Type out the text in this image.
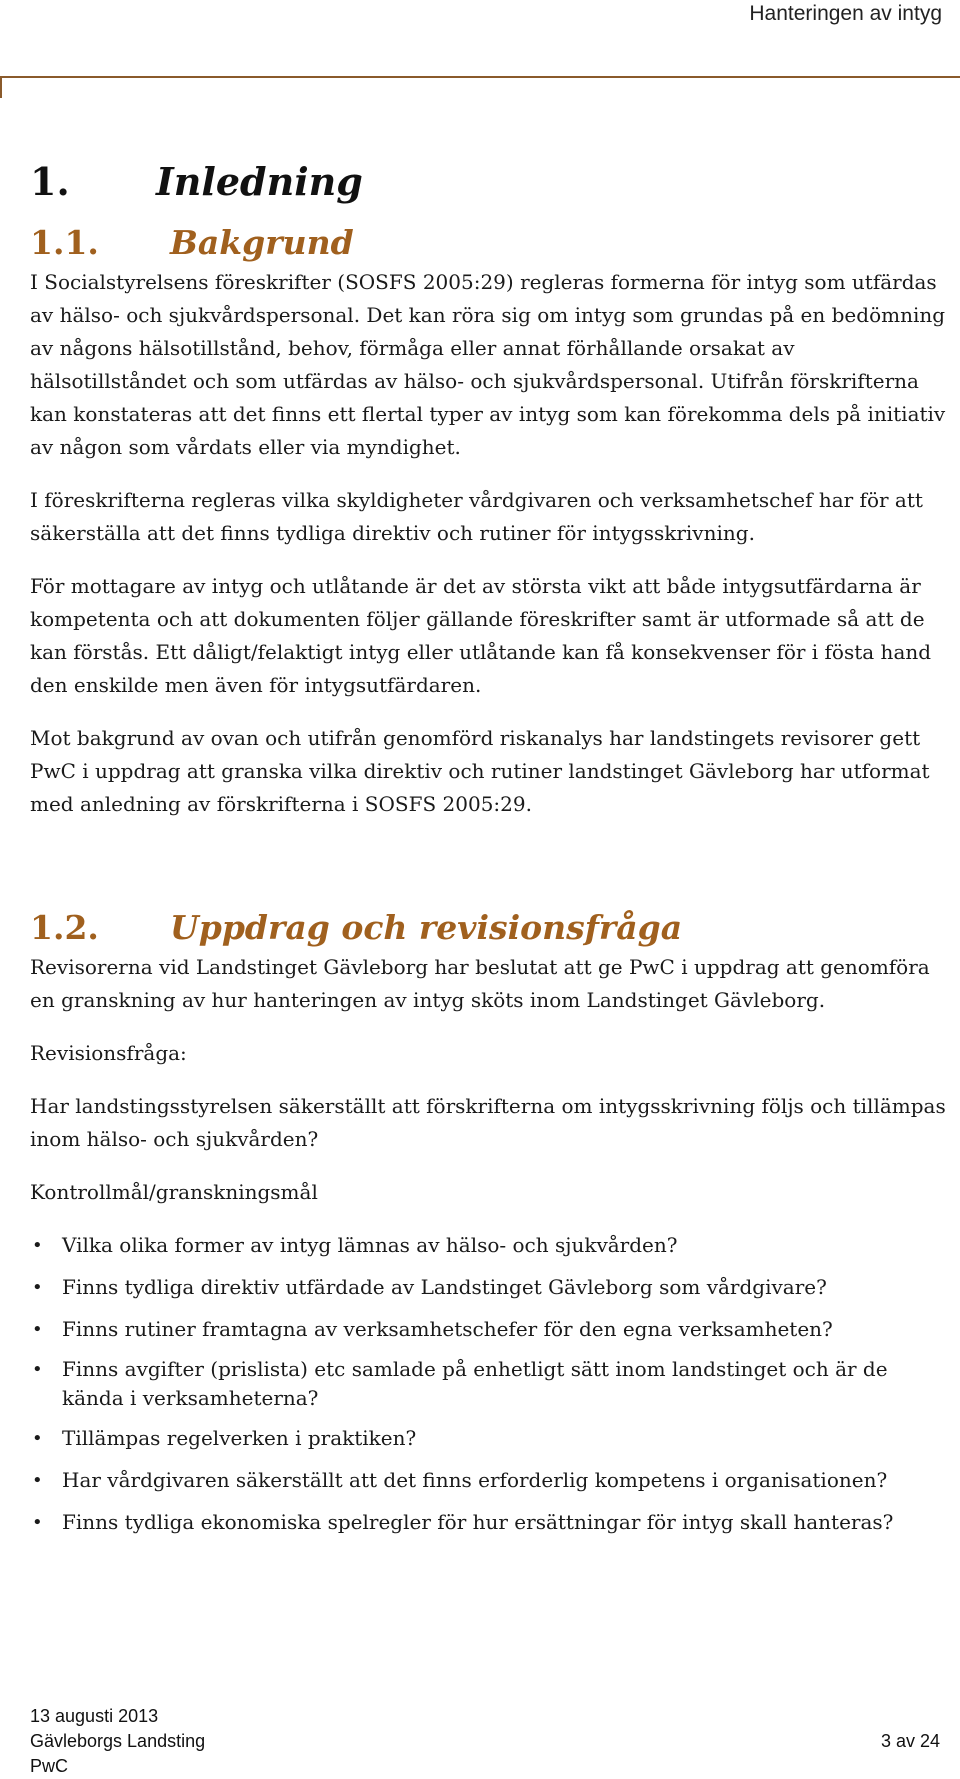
Hanteringen av intyg
1. Inledning
1.1. Bakgrund

I Socialstyrelsens föreskrifter (SOSFS 2005:29) regleras formerna för intyg som utfärdas av hälso- och sjukvårdspersonal. Det kan röra sig om intyg som grundas på en bedömning av någons hälsotillstånd, behov, förmåga eller annat förhållande orsakat av hälsotillståndet och som utfärdas av hälso- och sjukvårdspersonal. Utifrån förskrifterna kan konstateras att det finns ett flertal typer av intyg som kan förekomma dels på initiativ av någon som vårdats eller via myndighet.

I föreskrifterna regleras vilka skyldigheter vårdgivaren och verksamhetschef har för att säkerställa att det finns tydliga direktiv och rutiner för intygsskrivning.

För mottagare av intyg och utlåtande är det av största vikt att både intygsutfärdarna är kompetenta och att dokumenten följer gällande föreskrifter samt är utformade så att de kan förstås. Ett dåligt/felaktigt intyg eller utlåtande kan få konsekvenser för i fösta hand den enskilde men även för intygsutfärdaren.

Mot bakgrund av ovan och utifrån genomförd riskanalys har landstingets revisorer gett PwC i uppdrag att granska vilka direktiv och rutiner landstinget Gävleborg har utformat med anledning av förskrifterna i SOSFS 2005:29.

1.2. Uppdrag och revisionsfråga

Revisorerna vid Landstinget Gävleborg har beslutat att ge PwC i uppdrag att genomföra en granskning av hur hanteringen av intyg sköts inom Landstinget Gävleborg.

Revisionsfråga:

Har landstingsstyrelsen säkerställt att förskrifterna om intygsskrivning följs och tillämpas inom hälso- och sjukvården?

Kontrollmål/granskningsmål

• Vilka olika former av intyg lämnas av hälso- och sjukvården?
• Finns tydliga direktiv utfärdade av Landstinget Gävleborg som vårdgivare?
• Finns rutiner framtagna av verksamhetschefer för den egna verksamheten?
• Finns avgifter (prislista) etc samlade på enhetligt sätt inom landstinget och är de kända i verksamheterna?
• Tillämpas regelverken i praktiken?
• Har vårdgivaren säkerställt att det finns erforderlig kompetens i organisationen?
• Finns tydliga ekonomiska spelregler för hur ersättningar för intyg skall hanteras?
13 augusti 2013
Gävleborgs Landsting
PwC
3 av 24
